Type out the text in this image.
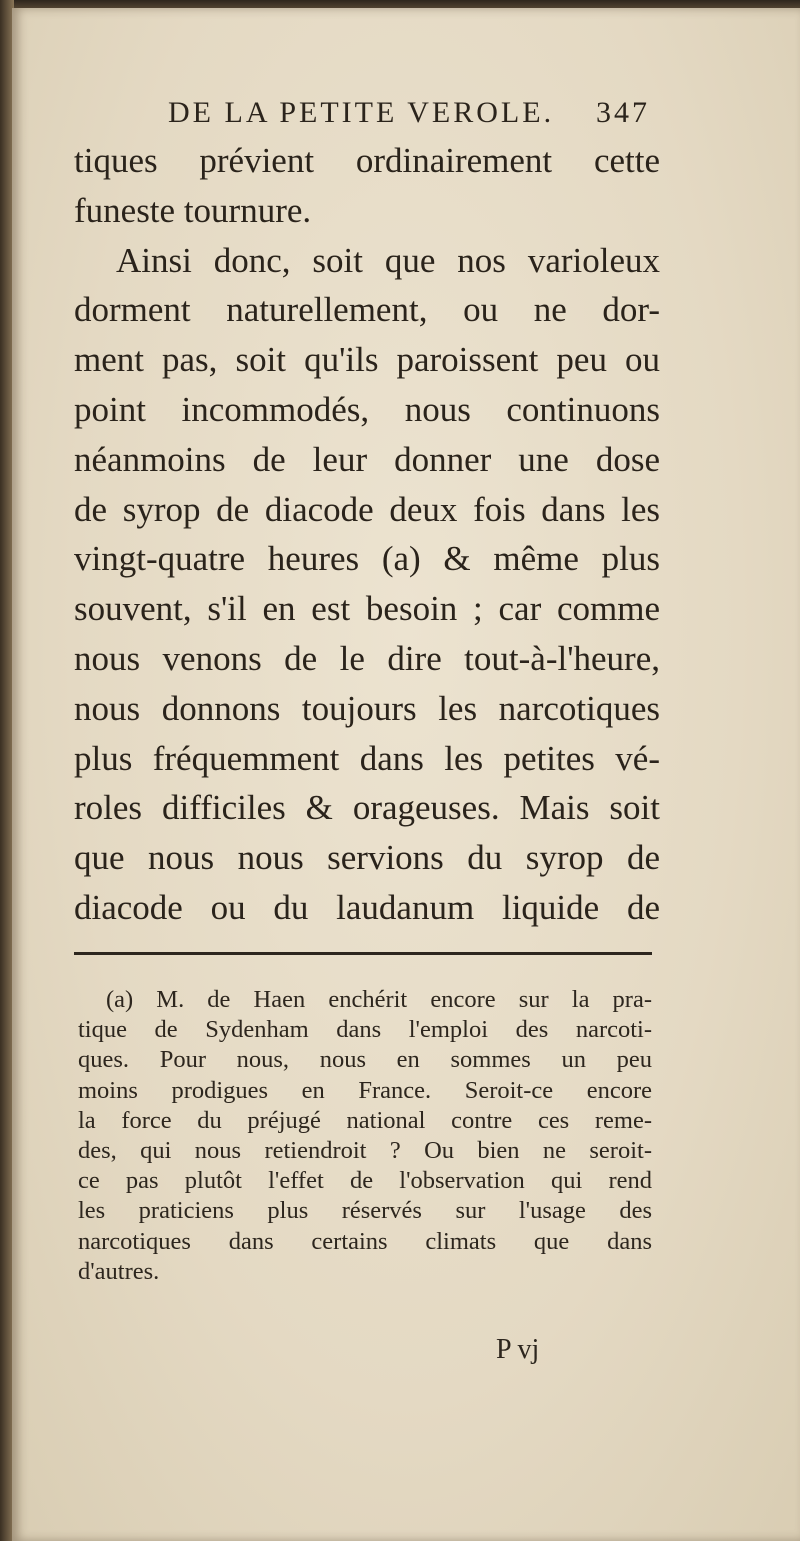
DE LA PETITE VEROLE. 347
tiques prévient ordinairement cette
funeste tournure.
Ainsi donc, soit que nos varioleux
dorment naturellement, ou ne dor-
ment pas, soit qu'ils paroissent peu ou
point incommodés, nous continuons
néanmoins de leur donner une dose
de syrop de diacode deux fois dans les
vingt-quatre heures (a) & même plus
souvent, s'il en est besoin ; car comme
nous venons de le dire tout-à-l'heure,
nous donnons toujours les narcotiques
plus fréquemment dans les petites vé-
roles difficiles & orageuses. Mais soit
que nous nous servions du syrop de
diacode ou du laudanum liquide de
(a) M. de Haen enchérit encore sur la pra-
tique de Sydenham dans l'emploi des narcoti-
ques. Pour nous, nous en sommes un peu
moins prodigues en France. Seroit-ce encore
la force du préjugé national contre ces reme-
des, qui nous retiendroit ? Ou bien ne seroit-
ce pas plutôt l'effet de l'observation qui rend
les praticiens plus réservés sur l'usage des
narcotiques dans certains climats que dans
d'autres.
P vj
